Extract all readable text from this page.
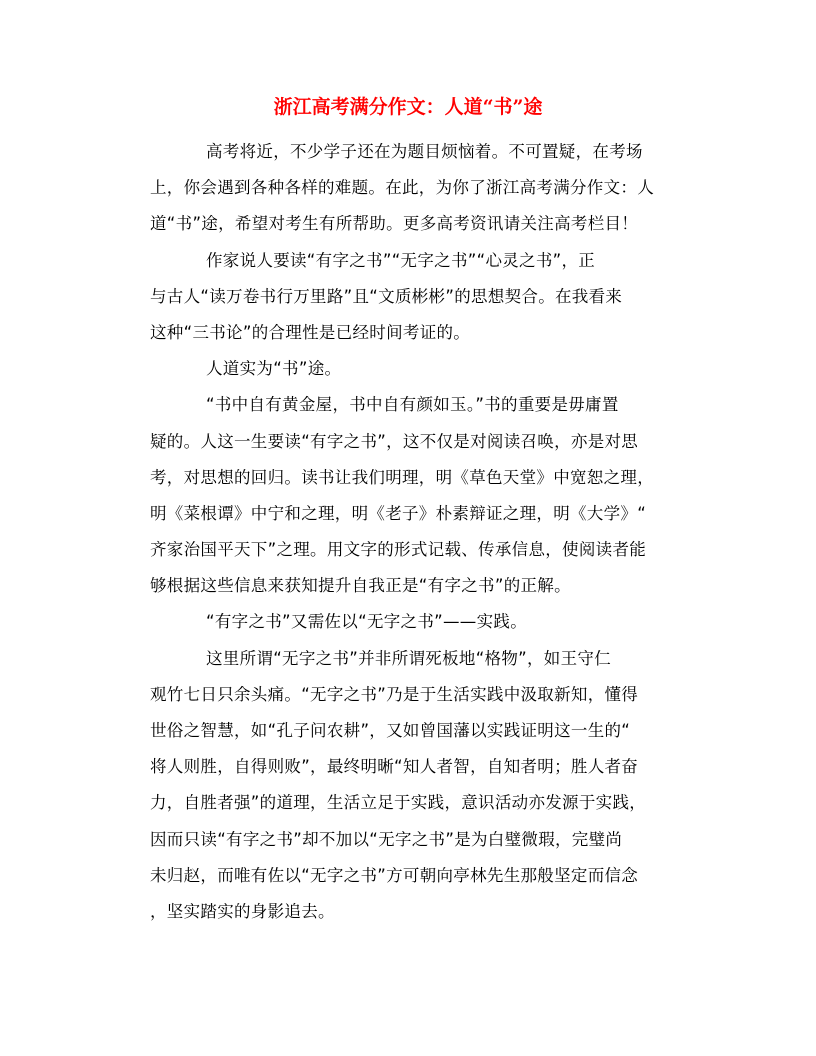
浙江高考满分作文：人道“书”途
高考将近，不少学子还在为题目烦恼着。不可置疑，在考场
上，你会遇到各种各样的难题。在此，为你了浙江高考满分作文：人
道“书”途，希望对考生有所帮助。更多高考资讯请关注高考栏目！
作家说人要读“有字之书”“无字之书”“心灵之书”，正
与古人“读万卷书行万里路”且“文质彬彬”的思想契合。在我看来
这种“三书论”的合理性是已经时间考证的。
人道实为“书”途。
“书中自有黄金屋，书中自有颜如玉。”书的重要是毋庸置
疑的。人这一生要读“有字之书”，这不仅是对阅读召唤，亦是对思
考，对思想的回归。读书让我们明理，明《草色天堂》中宽恕之理，
明《菜根谭》中宁和之理，明《老子》朴素辩证之理，明《大学》“
齐家治国平天下”之理。用文字的形式记载、传承信息，使阅读者能
够根据这些信息来获知提升自我正是“有字之书”的正解。
“有字之书”又需佐以“无字之书”——实践。
这里所谓“无字之书”并非所谓死板地“格物”，如王守仁
观竹七日只余头痛。“无字之书”乃是于生活实践中汲取新知，懂得
世俗之智慧，如“孔子问农耕”，又如曾国藩以实践证明这一生的“
将人则胜，自得则败”，最终明晰“知人者智，自知者明；胜人者奋
力，自胜者强”的道理，生活立足于实践，意识活动亦发源于实践，
因而只读“有字之书”却不加以“无字之书”是为白璧微瑕，完璧尚
未归赵，而唯有佐以“无字之书”方可朝向亭林先生那般坚定而信念
，坚实踏实的身影追去。
